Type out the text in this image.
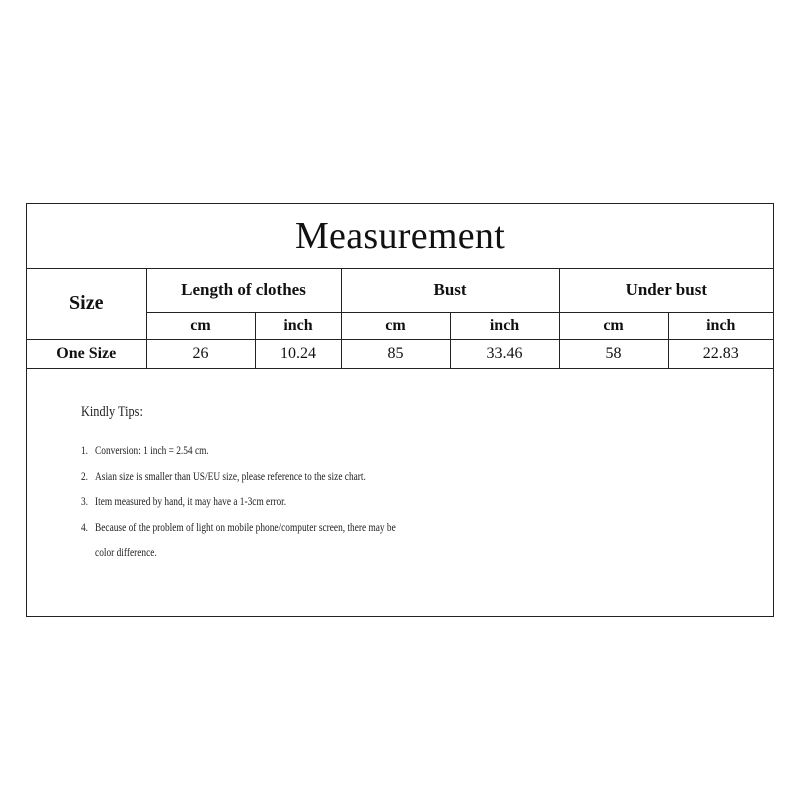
Measurement
Size	Length of clothes		Bust		Under bust	
	cm	inch	cm	inch	cm	inch
One Size	26	10.24	85	33.46	58	22.83
Kindly Tips:
1. Conversion: 1 inch = 2.54 cm.
2. Asian size is smaller than US/EU size, please reference to the size chart.
3. Item measured by hand, it may have a 1-3cm error.
4. Because of the problem of light on mobile phone/computer screen, there may be
color difference.
